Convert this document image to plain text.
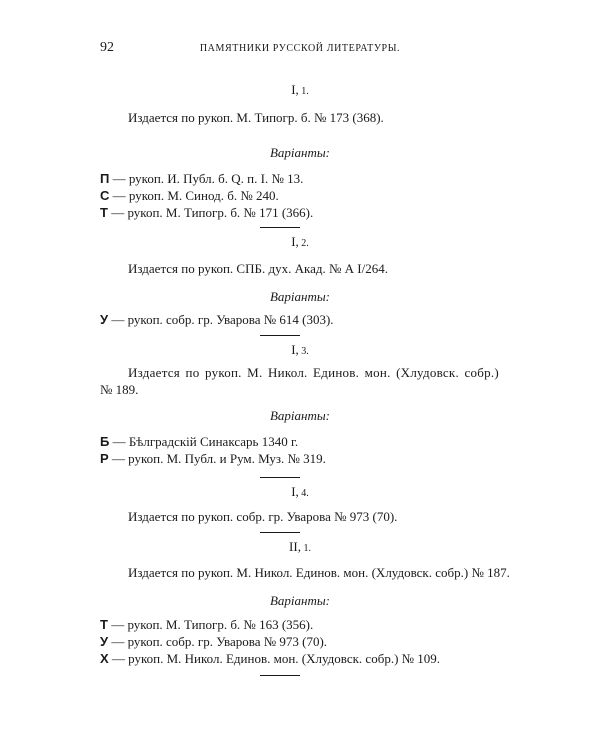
92	ПАМЯТНИКИ РУССКОЙ ЛИТЕРАТУРЫ.
I, 1.
Издается по рукоп. М. Типогр. б. № 173 (368).
Варіанты:
П — рукоп. И. Публ. б. Q. п. I. № 13.
С — рукоп. М. Синод. б. № 240.
Т — рукоп. М. Типогр. б. № 171 (366).
I, 2.
Издается по рукоп. СПБ. дух. Акад. № А I/264.
Варіанты:
У — рукоп. собр. гр. Уварова № 614 (303).
I, 3.
Издается по рукоп. М. Никол. Единов. мон. (Хлудовск. собр.)
№ 189.
Варіанты:
Б — Бѣлградскій Синаксарь 1340 г.
Р — рукоп. М. Публ. и Рум. Муз. № 319.
I, 4.
Издается по рукоп. собр. гр. Уварова № 973 (70).
II, 1.
Издается по рукоп. М. Никол. Единов. мон. (Хлудовск. собр.) № 187.
Варіанты:
Т — рукоп. М. Типогр. б. № 163 (356).
У — рукоп. собр. гр. Уварова № 973 (70).
Х — рукоп. М. Никол. Единов. мон. (Хлудовск. собр.) № 109.
